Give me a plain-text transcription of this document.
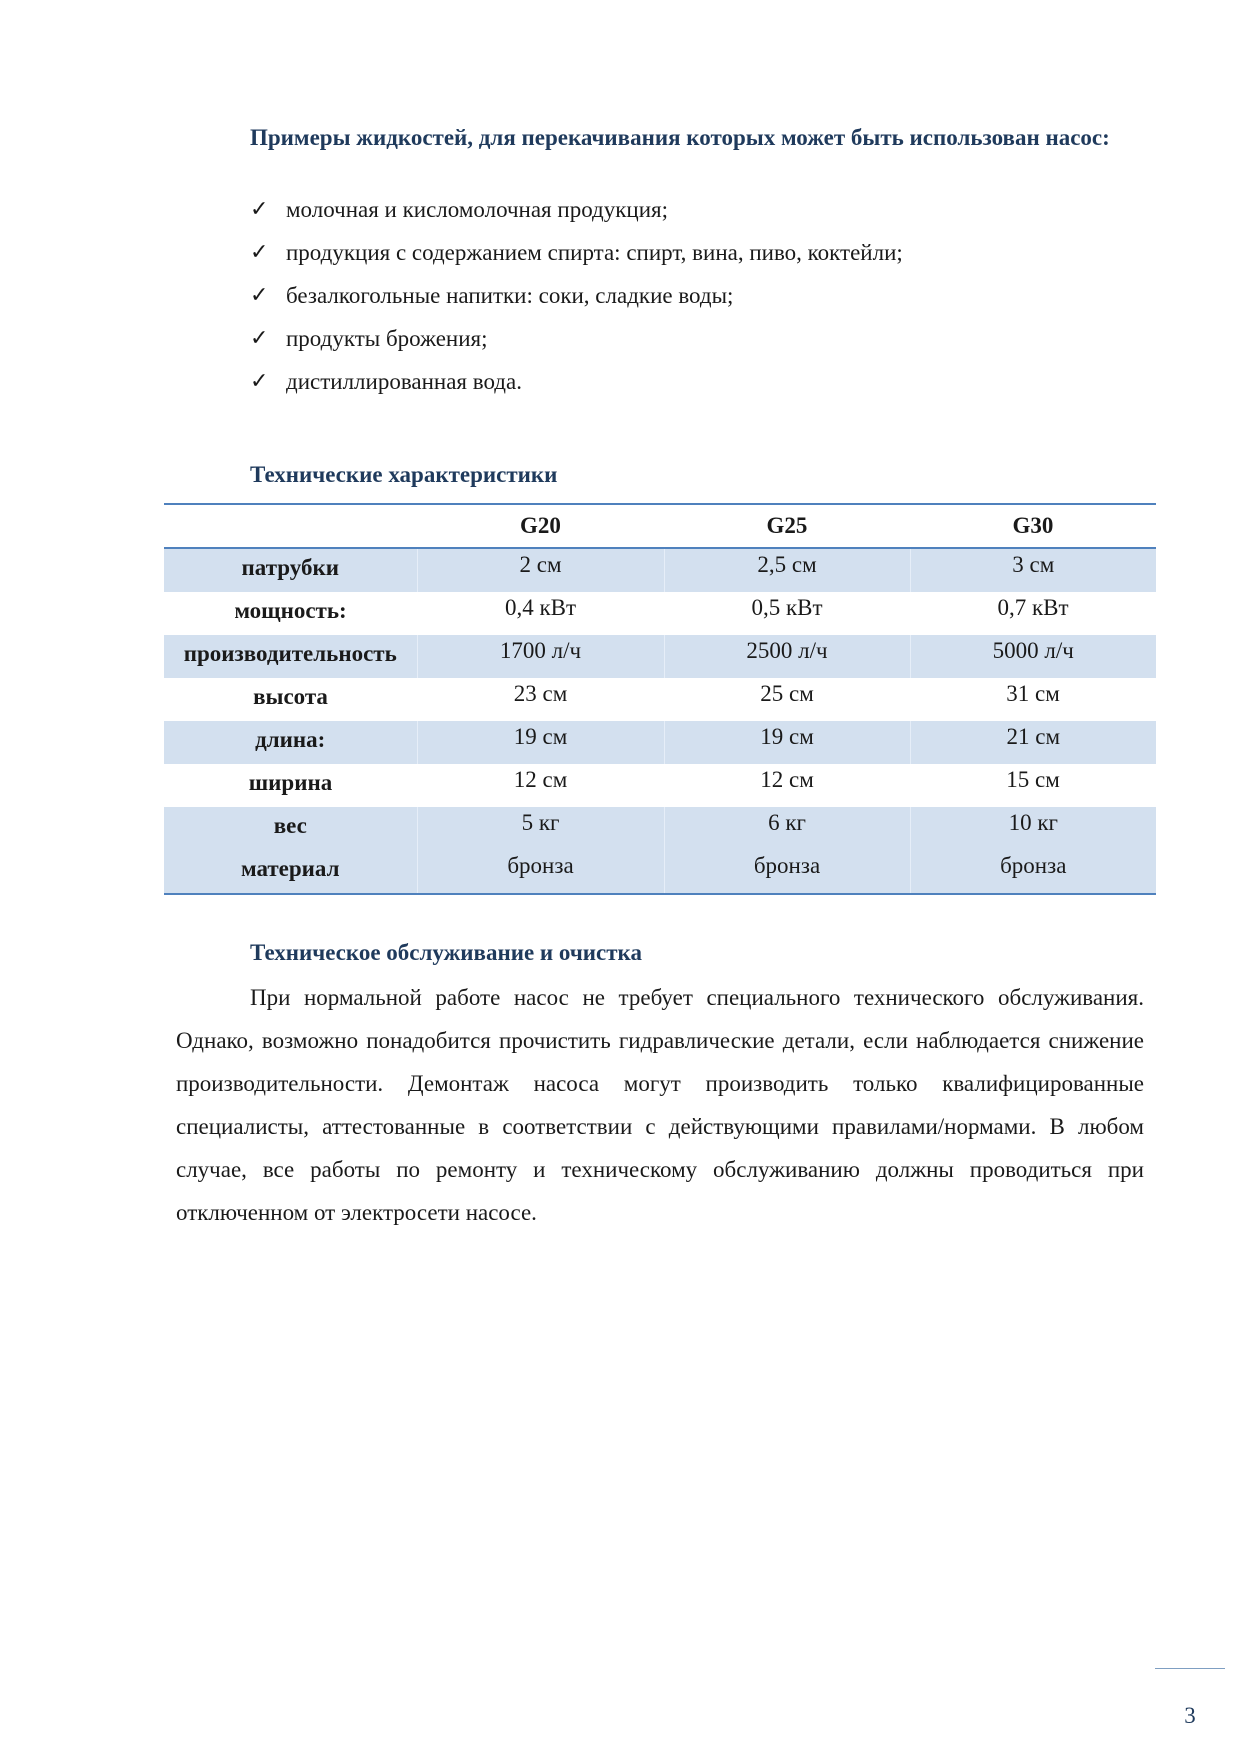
Примеры жидкостей, для перекачивания которых может быть использован насос:
✓ молочная и кисломолочная продукция;
✓ продукция с содержанием спирта: спирт, вина, пиво, коктейли;
✓ безалкогольные напитки: соки, сладкие воды;
✓ продукты брожения;
✓ дистиллированная вода.
Технические характеристики
	G20	G25	G30
патрубки	2 см	2,5 см	3 см
мощность:	0,4 кВт	0,5 кВт	0,7 кВт
производительность	1700 л/ч	2500 л/ч	5000 л/ч
высота	23 см	25 см	31 см
длина:	19 см	19 см	21 см
ширина	12 см	12 см	15 см
вес	5 кг	6 кг	10 кг
материал	бронза	бронза	бронза
Техническое обслуживание и очистка

При нормальной работе насос не требует специального технического обслуживания. Однако, возможно понадобится прочистить гидравлические детали, если наблюдается снижение производительности. Демонтаж насоса могут производить только квалифицированные специалисты, аттестованные в соответствии с действующими правилами/нормами. В любом случае, все работы по ремонту и техническому обслуживанию должны проводиться при отключенном от электросети насосе.

3
